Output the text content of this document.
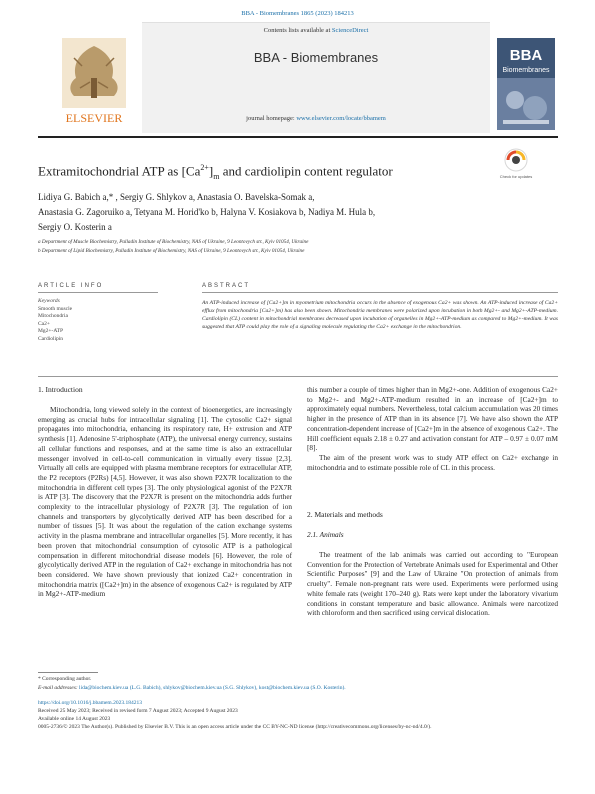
BBA - Biomembranes 1865 (2023) 184213
Contents lists available at ScienceDirect
BBA - Biomembranes
journal homepage: www.elsevier.com/locate/bbamem
ELSEVIER
BBA
Biomembranes
Extramitochondrial ATP as $[Ca^{2+}]_m$ and cardiolipin content regulator	Check for updates
Lidiya G. Babich a,* , Sergiy G. Shlykov a, Anastasia O. Bavelska-Somak a,
Anastasia G. Zagoruiko a, Tetyana M. Horid'ko b, Halyna V. Kosiakova b, Nadiya M. Hula b,
Sergiy O. Kosterin a
a Department of Muscle Biochemistry, Palladin Institute of Biochemistry, NAS of Ukraine, 9 Leontovych str., Kyiv 01054, Ukraine
b Department of Lipid Biochemistry, Palladin Institute of Biochemistry, NAS of Ukraine, 9 Leontovych str., Kyiv 01054, Ukraine
ARTICLE INFO	ABSTRACT
Keywords
Smooth muscle
Mitochondria
Ca2+
Mg2+-ATP
Cardiolipin
An ATP-induced increase of [Ca2+]m in myometrium mitochondria occurs in the absence of exogenous Ca2+ was shown. An ATP-induced increase of Ca2+ efflux from mitochondria [Ca2+]m) has also been shown. Mitochondria membranes were polarized upon incubation in both Mg2+- and Mg2+-ATP-medium. Cardiolipin (CL) content in mitochondrial membranes decreased upon incubation of organelles in Mg2+-ATP-medium as compared to Mg2+-medium. It was suggested that ATP could play the role of a signaling molecule regulating the Ca2+ exchange in the mitochondrion.
1. Introduction

Mitochondria, long viewed solely in the context of bioenergetics, are increasingly emerging as crucial hubs for intracellular signaling [1]. The cytosolic Ca2+ signal propagates into mitochondria, enhancing its respiratory rate, H+ extrusion and ATP synthesis [1]. Adenosine 5'-triphosphate (ATP), the universal energy currency, sustains all cellular functions and responses, and at the same time is also an extracellular messenger involved in cell-to-cell communication in virtually every tissue [2,3]. Virtually all cells are equipped with plasma membrane receptors for extracellular ATP, the P2 receptors (P2Rs) [4,5]. However, it was also shown P2X7R localization to the mitochondria in different cell types [3]. The only physiological agonist of the P2X7R is ATP [3]. The discovery that the P2X7R is present on the mitochondria adds further complexity to the intracellular physiology of P2X7R [3]. The regulation of ion channels and transporters by glycolytically derived ATP has been described for a number of tissues [5]. It was about the regulation of the cation exchange systems activity in the plasma membrane and intracellular organelles [5]. More recently, it has been proven that mitochondrial consumption of cytosolic ATP is a pathological compensation in different mitochondrial disease models [6]. However, the role of glycolytically derived ATP in the regulation of Ca2+ exchange in mitochondria has not been considered. We have shown previously that ionized Ca2+ concentration in mitochondria matrix ([Ca2+]m) in the absence of exogenous Ca2+ is regulated by ATP in Mg2+-ATP-medium

this number a couple of times higher than in Mg2+-one. Addition of exogenous Ca2+ to Mg2+- and Mg2+-ATP-medium resulted in an increase of [Ca2+]m to approximately equal numbers. Nevertheless, total calcium accumulation was 20 times higher in the presence of ATP than in its absence [7]. We have also shown the ATP concentration-dependent increase of [Ca2+]m in the absence of exogenous Ca2+. The Hill coefficient equals 2.18 ± 0.27 and activation constant for ATP – 0.97 ± 0.07 mM [8].

The aim of the present work was to study ATP effect on Ca2+ exchange in mitochondria and to estimate possible role of CL in this process.

2. Materials and methods
2.1. Animals

The treatment of the lab animals was carried out according to "European Convention for the Protection of Vertebrate Animals used for Experimental and Other Scientific Purposes" [9] and the Law of Ukraine "On protection of animals from cruelty". Female non-pregnant rats were used. Experiments were performed using white female rats (weight 170–240 g). Rats were kept under the laboratory vivarium conditions in constant temperature and basic allowance. Animals were narcotized with chloroform and then sacrificed using cervical dislocation.

* Corresponding author.
E-mail addresses: lida@biochem.kiev.ua (L.G. Babich), shlykov@biochem.kiev.ua (S.G. Shlykov), kost@biochem.kiev.ua (S.O. Kosterin).
https://doi.org/10.1016/j.bbamem.2023.184213
Received 25 May 2023; Received in revised form 7 August 2023; Accepted 9 August 2023
Available online 14 August 2023
0005-2736/© 2023 The Author(s). Published by Elsevier B.V. This is an open access article under the CC BY-NC-ND license (http://creativecommons.org/licenses/by-nc-nd/4.0/).
